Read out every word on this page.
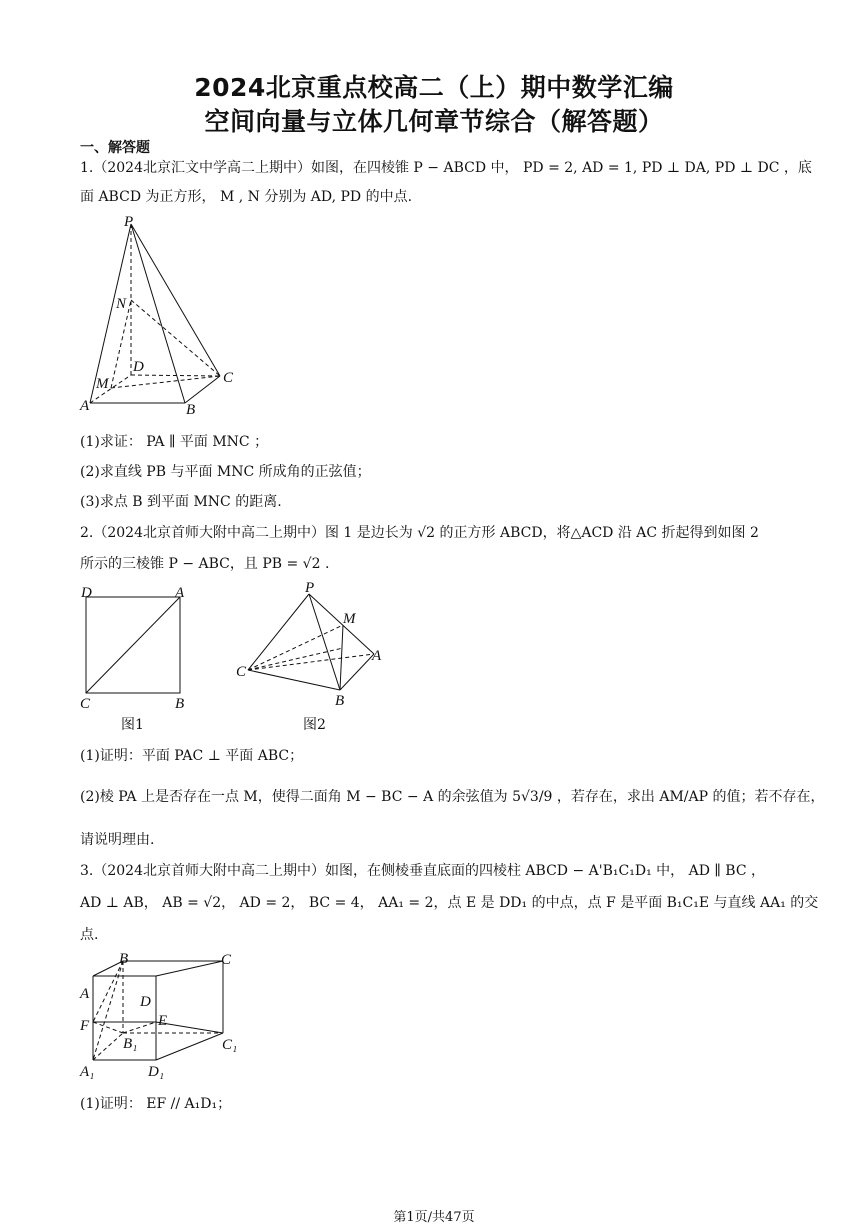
2024北京重点校高二（上）期中数学汇编
空间向量与立体几何章节综合（解答题）
一、解答题
1.（2024北京汇文中学高二上期中）如图，在四棱锥 P − ABCD 中， PD = 2, AD = 1, PD ⊥ DA, PD ⊥ DC ，底
面 ABCD 为正方形， M , N 分别为 AD, PD 的中点.
P
N
D
C
M
A	B
(1)求证： PA ∥ 平面 MNC ；
(2)求直线 PB 与平面 MNC 所成角的正弦值；
(3)求点 B 到平面 MNC 的距离.
2.（2024北京首师大附中高二上期中）图 1 是边长为 √2 的正方形 ABCD，将△ACD 沿 AC 折起得到如图 2
所示的三棱锥 P − ABC，且 PB = √2 .
D	A
C	B
图1
P
M
A
C
B
图2
(1)证明：平面 PAC ⊥ 平面 ABC；
(2)棱 PA 上是否存在一点 M，使得二面角 M − BC − A 的余弦值为 5√3/9 ，若存在，求出 AM/AP 的值；若不存在，
请说明理由.
3.（2024北京首师大附中高二上期中）如图，在侧棱垂直底面的四棱柱 ABCD − A'B₁C₁D₁ 中， AD ∥ BC ，
AD ⊥ AB， AB = √2， AD = 2， BC = 4， AA₁ = 2，点 E 是 DD₁ 的中点，点 F 是平面 B₁C₁E 与直线 AA₁ 的交
点.
B	C
A	D
F	E
B₁	C₁
A₁	D₁
(1)证明： EF // A₁D₁；
第1页/共47页
